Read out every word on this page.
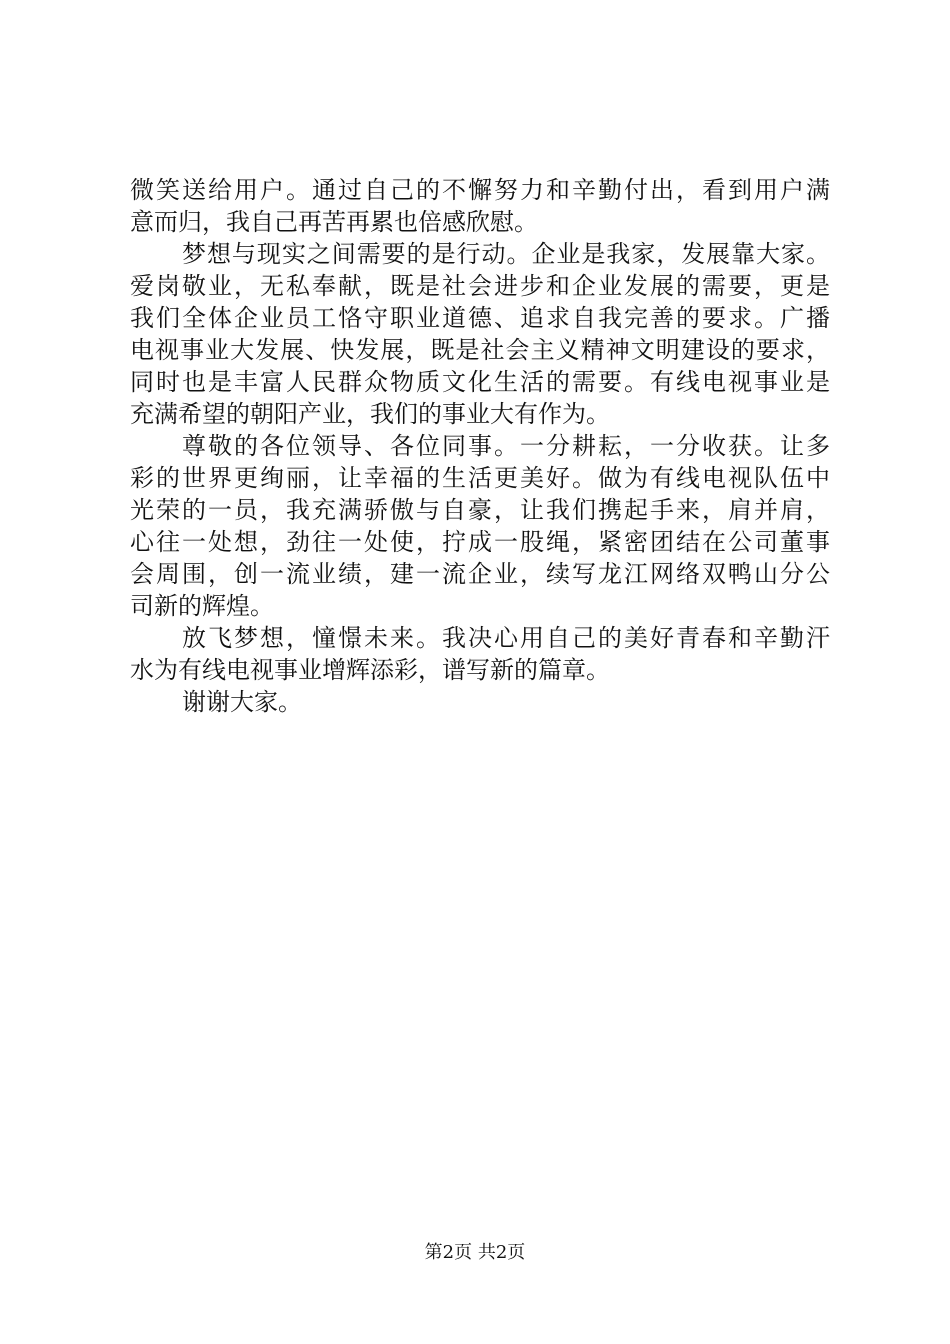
微笑送给用户。通过自己的不懈努力和辛勤付出，看到用户满
意而归，我自己再苦再累也倍感欣慰。
梦想与现实之间需要的是行动。企业是我家，发展靠大家。
爱岗敬业，无私奉献，既是社会进步和企业发展的需要，更是
我们全体企业员工恪守职业道德、追求自我完善的要求。广播
电视事业大发展、快发展，既是社会主义精神文明建设的要求，
同时也是丰富人民群众物质文化生活的需要。有线电视事业是
充满希望的朝阳产业，我们的事业大有作为。
尊敬的各位领导、各位同事。一分耕耘，一分收获。让多
彩的世界更绚丽，让幸福的生活更美好。做为有线电视队伍中
光荣的一员，我充满骄傲与自豪，让我们携起手来，肩并肩，
心往一处想，劲往一处使，拧成一股绳，紧密团结在公司董事
会周围，创一流业绩，建一流企业，续写龙江网络双鸭山分公
司新的辉煌。
放飞梦想，憧憬未来。我决心用自己的美好青春和辛勤汗
水为有线电视事业增辉添彩，谱写新的篇章。
谢谢大家。
第2页 共2页
